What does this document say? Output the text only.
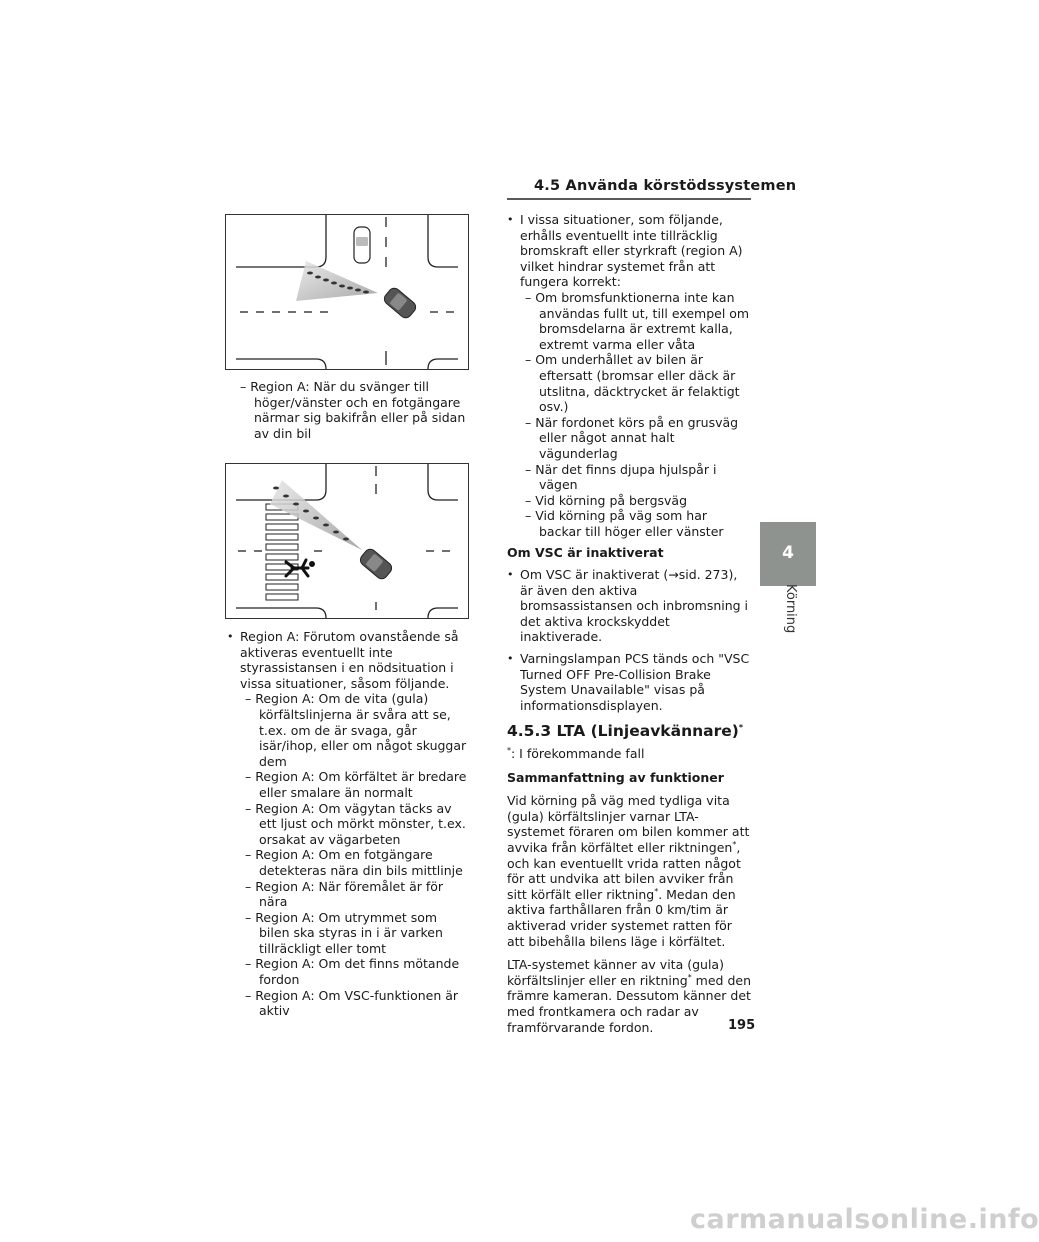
4.5 Använda körstödssystemen

– Region A: När du svänger till höger/vänster och en fotgängare närmar sig bakifrån eller på sidan av din bil

• Region A: Förutom ovanstående så aktiveras eventuellt inte styrassistansen i en nödsituation i vissa situationer, såsom följande.

– Region A: Om de vita (gula) körfältslinjerna är svåra att se, t.ex. om de är svaga, går isär/ihop, eller om något skuggar dem

– Region A: Om körfältet är bredare eller smalare än normalt

– Region A: Om vägytan täcks av ett ljust och mörkt mönster, t.ex. orsakat av vägarbeten

– Region A: Om en fotgängare detekteras nära din bils mittlinje

– Region A: När föremålet är för nära

– Region A: Om utrymmet som bilen ska styras in i är varken tillräckligt eller tomt

– Region A: Om det finns mötande fordon

– Region A: Om VSC-funktionen är aktiv

• I vissa situationer, som följande, erhålls eventuellt inte tillräcklig bromskraft eller styrkraft (region A) vilket hindrar systemet från att fungera korrekt:

– Om bromsfunktionerna inte kan användas fullt ut, till exempel om bromsdelarna är extremt kalla, extremt varma eller våta

– Om underhållet av bilen är eftersatt (bromsar eller däck är utslitna, däcktrycket är felaktigt osv.)

– När fordonet körs på en grusväg eller något annat halt vägunderlag

– När det finns djupa hjulspår i vägen

– Vid körning på bergsväg

– Vid körning på väg som har backar till höger eller vänster

Om VSC är inaktiverat

• Om VSC är inaktiverat (→sid. 273), är även den aktiva bromsassistansen och inbromsning i det aktiva krockskyddet inaktiverade.

• Varningslampan PCS tänds och "VSC Turned OFF Pre-Collision Brake System Unavailable" visas på informationsdisplayen.

4.5.3 LTA (Linjeavkännare)*

*: I förekommande fall

Sammanfattning av funktioner

Vid körning på väg med tydliga vita (gula) körfältslinjer varnar LTA-systemet föraren om bilen kommer att avvika från körfältet eller riktningen*, och kan eventuellt vrida ratten något för att undvika att bilen avviker från sitt körfält eller riktning*. Medan den aktiva farthållaren från 0 km/tim är aktiverad vrider systemet ratten för att bibehålla bilens läge i körfältet.

LTA-systemet känner av vita (gula) körfältslinjer eller en riktning* med den främre kameran. Dessutom känner det med frontkamera och radar av framförvarande fordon.

4
Körning
195
carmanualsonline.info
